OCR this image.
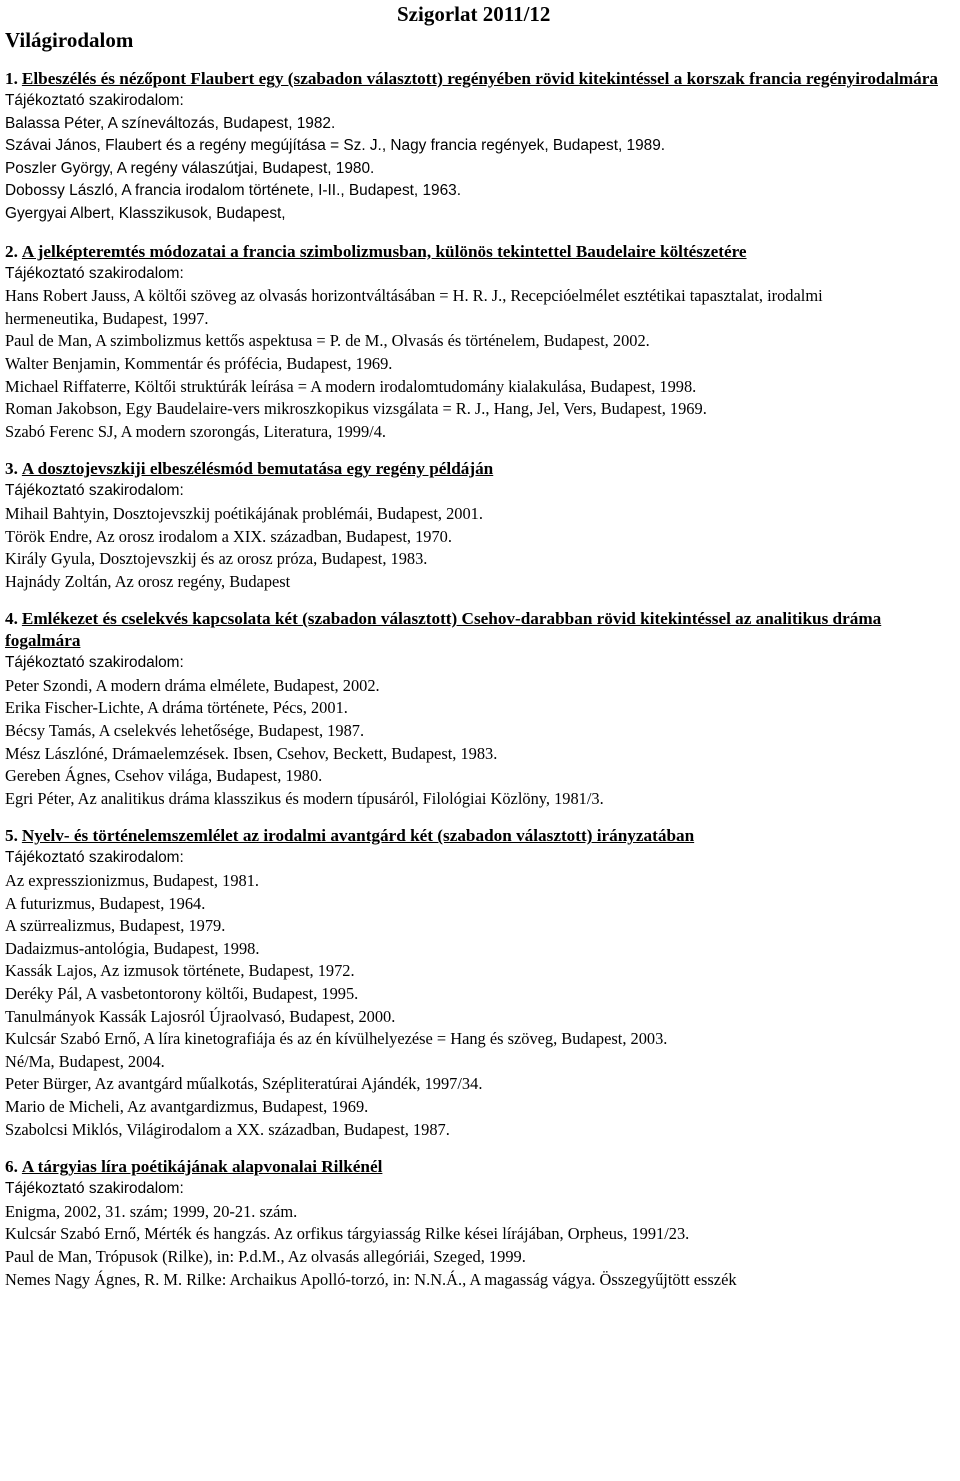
Világirodalom
Szigorlat 2011/12
1. Elbeszélés és nézőpont Flaubert egy (szabadon választott) regényében rövid kitekintéssel a korszak francia regényirodalmára
Tájékoztató szakirodalom:
Balassa Péter, A színeváltozás, Budapest, 1982.
Szávai János, Flaubert és a regény megújítása = Sz. J., Nagy francia regények, Budapest, 1989.
Poszler György, A regény válaszútjai, Budapest, 1980.
Dobossy László, A francia irodalom története, I-II., Budapest, 1963.
Gyergyai Albert, Klasszikusok, Budapest,
2. A jelképteremtés módozatai a francia szimbolizmusban, különös tekintettel Baudelaire költészetére
Tájékoztató szakirodalom:
Hans Robert Jauss, A költői szöveg az olvasás horizontváltásában = H. R. J., Recepcióelmélet esztétikai tapasztalat, irodalmi hermeneutika, Budapest, 1997.
Paul de Man, A szimbolizmus kettős aspektusa = P. de M., Olvasás és történelem, Budapest, 2002.
Walter Benjamin, Kommentár és prófécia, Budapest, 1969.
Michael Riffaterre, Költői struktúrák leírása = A modern irodalomtudomány kialakulása, Budapest, 1998.
Roman Jakobson, Egy Baudelaire-vers mikroszkopikus vizsgálata = R. J., Hang, Jel, Vers, Budapest, 1969.
Szabó Ferenc SJ, A modern szorongás, Literatura, 1999/4.
3. A dosztojevszkiji elbeszélésmód bemutatása egy regény példáján
Tájékoztató szakirodalom:
Mihail Bahtyin, Dosztojevszkij poétikájának problémái, Budapest, 2001.
Török Endre, Az orosz irodalom a XIX. században, Budapest, 1970.
Király Gyula, Dosztojevszkij és az orosz próza, Budapest, 1983.
Hajnády Zoltán, Az orosz regény, Budapest
4. Emlékezet és cselekvés kapcsolata két (szabadon választott) Csehov-darabban rövid kitekintéssel az analitikus dráma fogalmára
Tájékoztató szakirodalom:
Peter Szondi, A modern dráma elmélete, Budapest, 2002.
Erika Fischer-Lichte, A dráma története, Pécs, 2001.
Bécsy Tamás, A cselekvés lehetősége, Budapest, 1987.
Mész Lászlóné, Drámaelemzések. Ibsen, Csehov, Beckett, Budapest, 1983.
Gereben Ágnes, Csehov világa, Budapest, 1980.
Egri Péter, Az analitikus dráma klasszikus és modern típusáról, Filológiai Közlöny, 1981/3.
5. Nyelv- és történelemszemlélet az irodalmi avantgárd két (szabadon választott) irányzatában
Tájékoztató szakirodalom:
Az expresszionizmus, Budapest, 1981.
A futurizmus, Budapest, 1964.
A szürrealizmus, Budapest, 1979.
Dadaizmus-antológia, Budapest, 1998.
Kassák Lajos, Az izmusok története, Budapest, 1972.
Deréky Pál, A vasbetontorony költői, Budapest, 1995.
Tanulmányok Kassák Lajosról Újraolvasó, Budapest, 2000.
Kulcsár Szabó Ernő, A líra kinetografiája és az én kívülhelyezése = Hang és szöveg, Budapest, 2003.
Né/Ma, Budapest, 2004.
Peter Bürger, Az avantgárd műalkotás, Szépliteratúrai Ajándék, 1997/34.
Mario de Micheli, Az avantgardizmus, Budapest, 1969.
Szabolcsi Miklós, Világirodalom a XX. században, Budapest, 1987.
6. A tárgyias líra poétikájának alapvonalai Rilkénél
Tájékoztató szakirodalom:
Enigma, 2002, 31. szám; 1999, 20-21. szám.
Kulcsár Szabó Ernő, Mérték és hangzás. Az orfikus tárgyiasság Rilke kései lírájában, Orpheus, 1991/23.
Paul de Man, Trópusok (Rilke), in: P.d.M., Az olvasás allegóriái, Szeged, 1999.
Nemes Nagy Ágnes, R. M. Rilke: Archaikus Apolló-torzó, in: N.N.Á., A magasság vágya. Összegyűjtött esszék
